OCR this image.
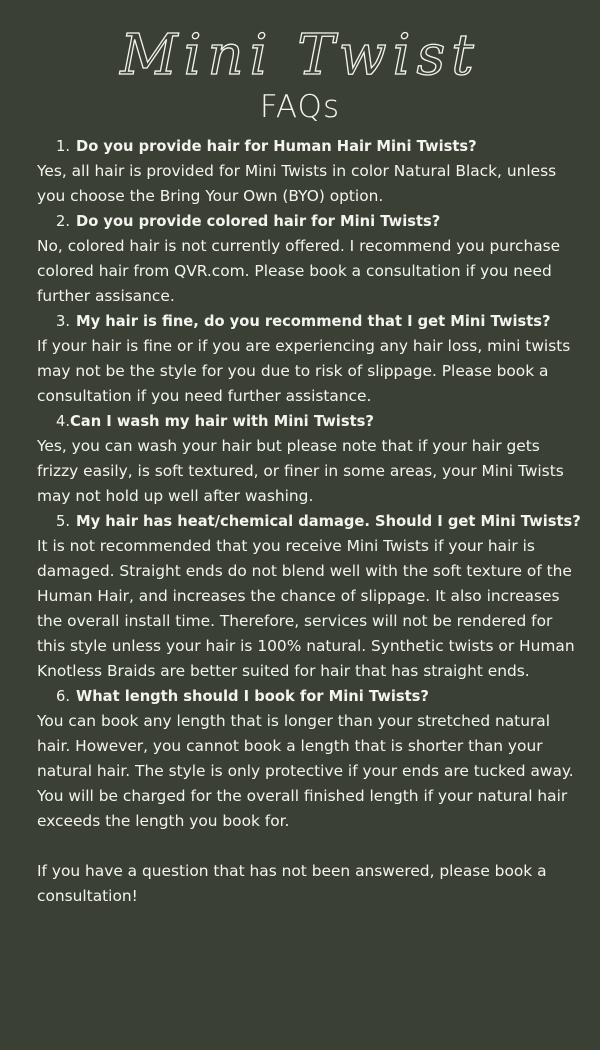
Mini Twist
FAQs
1. Do you provide hair for Human Hair Mini Twists?
Yes, all hair is provided for Mini Twists in color Natural Black, unless you choose the Bring Your Own (BYO) option.
2. Do you provide colored hair for Mini Twists?
No, colored hair is not currently offered. I recommend you purchase colored hair from QVR.com. Please book a consultation if you need further assisance.
3. My hair is fine, do you recommend that I get Mini Twists?
If your hair is fine or if you are experiencing any hair loss, mini twists may not be the style for you due to risk of slippage. Please book a consultation if you need further assistance.
4.Can I wash my hair with Mini Twists?
Yes, you can wash your hair but please note that if your hair gets frizzy easily, is soft textured, or finer in some areas, your Mini Twists may not hold up well after washing.
5. My hair has heat/chemical damage. Should I get Mini Twists?
It is not recommended that you receive Mini Twists if your hair is damaged. Straight ends do not blend well with the soft texture of the Human Hair, and increases the chance of slippage. It also increases the overall install time. Therefore, services will not be rendered for this style unless your hair is 100% natural. Synthetic twists or Human Knotless Braids are better suited for hair that has straight ends.
6. What length should I book for Mini Twists?
You can book any length that is longer than your stretched natural hair. However, you cannot book a length that is shorter than your natural hair. The style is only protective if your ends are tucked away. You will be charged for the overall finished length if your natural hair exceeds the length you book for.
If you have a question that has not been answered, please book a consultation!
